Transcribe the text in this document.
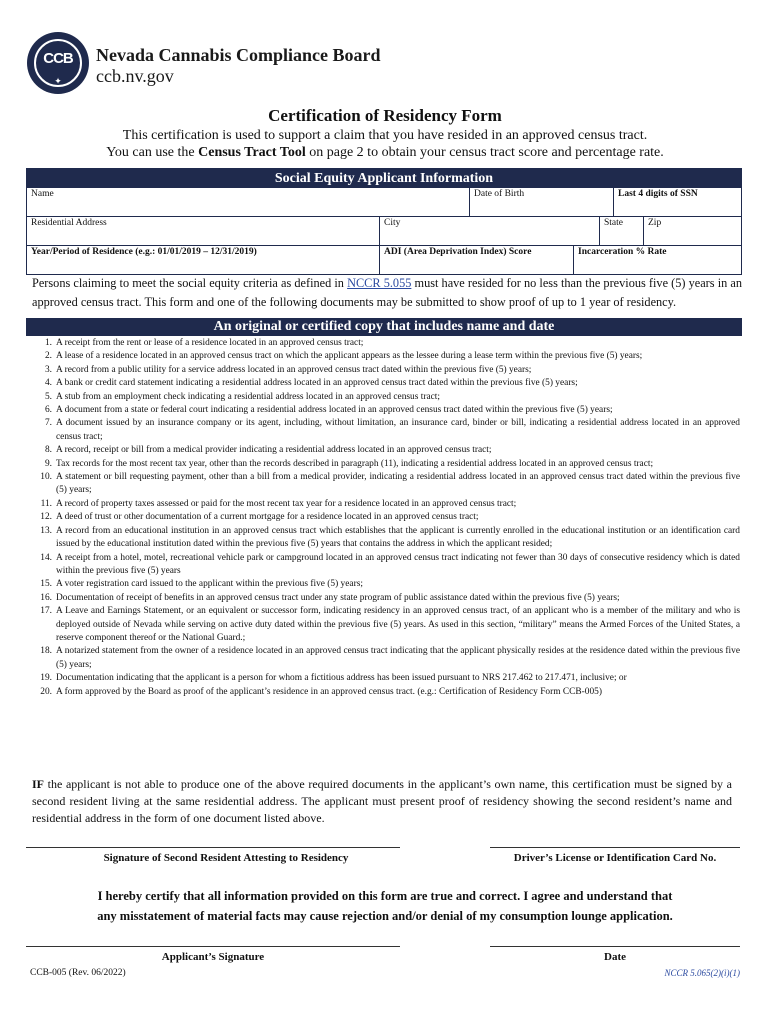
CCB
✦
Nevada Cannabis Compliance Board
ccb.nv.gov
Certification of Residency Form
This certification is used to support a claim that you have resided in an approved census tract.
You can use the Census Tract Tool on page 2 to obtain your census tract score and percentage rate.
Social Equity Applicant Information
Name	Date of Birth	Last 4 digits of SSN
Residential Address	City	State	Zip
Year/Period of Residence (e.g.: 01/01/2019 – 12/31/2019)	ADI (Area Deprivation Index) Score	Incarceration % Rate
Persons claiming to meet the social equity criteria as defined in NCCR 5.055 must have resided for no less than the previous five (5) years in an approved census tract. This form and one of the following documents may be submitted to show proof of up to 1 year of residency.
An original or certified copy that includes name and date
1. A receipt from the rent or lease of a residence located in an approved census tract;
2. A lease of a residence located in an approved census tract on which the applicant appears as the lessee during a lease term within the previous five (5) years;
3. A record from a public utility for a service address located in an approved census tract dated within the previous five (5) years;
4. A bank or credit card statement indicating a residential address located in an approved census tract dated within the previous five (5) years;
5. A stub from an employment check indicating a residential address located in an approved census tract;
6. A document from a state or federal court indicating a residential address located in an approved census tract dated within the previous five (5) years;
7. A document issued by an insurance company or its agent, including, without limitation, an insurance card, binder or bill, indicating a residential address located in an approved census tract;
8. A record, receipt or bill from a medical provider indicating a residential address located in an approved census tract;
9. Tax records for the most recent tax year, other than the records described in paragraph (11), indicating a residential address located in an approved census tract;
10. A statement or bill requesting payment, other than a bill from a medical provider, indicating a residential address located in an approved census tract dated within the previous five (5) years;
11. A record of property taxes assessed or paid for the most recent tax year for a residence located in an approved census tract;
12. A deed of trust or other documentation of a current mortgage for a residence located in an approved census tract;
13. A record from an educational institution in an approved census tract which establishes that the applicant is currently enrolled in the educational institution or an identification card issued by the educational institution dated within the previous five (5) years that contains the address in which the applicant resided;
14. A receipt from a hotel, motel, recreational vehicle park or campground located in an approved census tract indicating not fewer than 30 days of consecutive residency which is dated within the previous five (5) years
15. A voter registration card issued to the applicant within the previous five (5) years;
16. Documentation of receipt of benefits in an approved census tract under any state program of public assistance dated within the previous five (5) years;
17. A Leave and Earnings Statement, or an equivalent or successor form, indicating residency in an approved census tract, of an applicant who is a member of the military and who is deployed outside of Nevada while serving on active duty dated within the previous five (5) years. As used in this section, “military” means the Armed Forces of the United States, a reserve component thereof or the National Guard.;
18. A notarized statement from the owner of a residence located in an approved census tract indicating that the applicant physically resides at the residence dated within the previous five (5) years;
19. Documentation indicating that the applicant is a person for whom a fictitious address has been issued pursuant to NRS 217.462 to 217.471, inclusive; or
20. A form approved by the Board as proof of the applicant’s residence in an approved census tract. (e.g.: Certification of Residency Form CCB-005)
IF the applicant is not able to produce one of the above required documents in the applicant’s own name, this certification must be signed by a second resident living at the same residential address. The applicant must present proof of residency showing the second resident’s name and residential address in the form of one document listed above.
Signature of Second Resident Attesting to Residency	Driver’s License or Identification Card No.
I hereby certify that all information provided on this form are true and correct. I agree and understand that
any misstatement of material facts may cause rejection and/or denial of my consumption lounge application.
Applicant’s Signature	Date
CCB-005 (Rev. 06/2022)	NCCR 5.065(2)(i)(1)
